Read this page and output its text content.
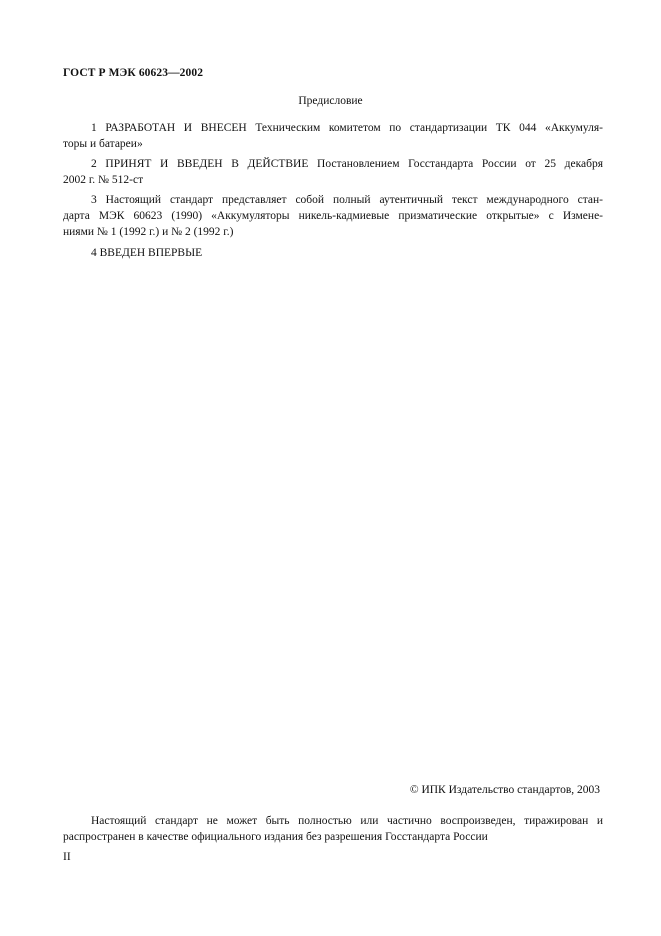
ГОСТ Р МЭК 60623—2002
Предисловие
1 РАЗРАБОТАН И ВНЕСЕН Техническим комитетом по стандартизации ТК 044 «Аккумуля-
торы и батареи»
2 ПРИНЯТ И ВВЕДЕН В ДЕЙСТВИЕ Постановлением Госстандарта России от 25 декабря
2002 г. № 512-ст
3 Настоящий стандарт представляет собой полный аутентичный текст международного стан-
дарта МЭК 60623 (1990) «Аккумуляторы никель-кадмиевые призматические открытые» с Измене-
ниями № 1 (1992 г.) и № 2 (1992 г.)
4 ВВЕДЕН ВПЕРВЫЕ
© ИПК Издательство стандартов, 2003
Настоящий стандарт не может быть полностью или частично воспроизведен, тиражирован и
распространен в качестве официального издания без разрешения Госстандарта России
II
